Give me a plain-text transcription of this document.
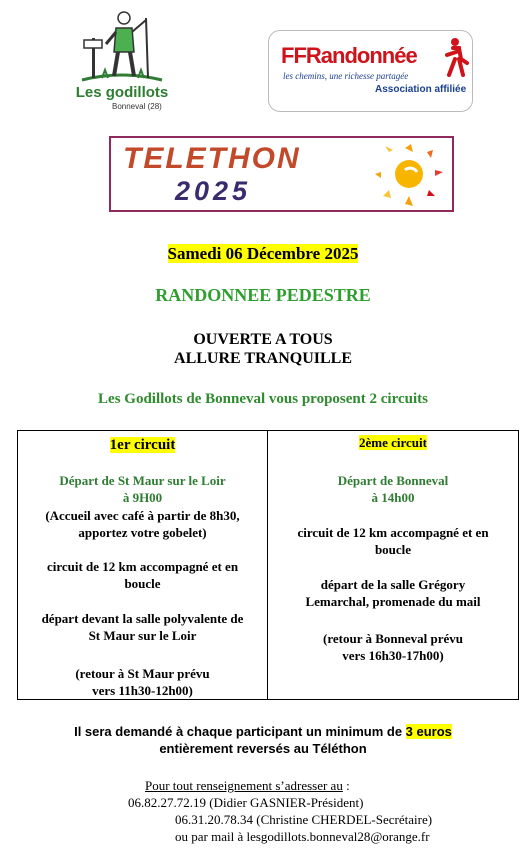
Les godillots
Bonneval (28)
FFRandonnée
les chemins, une richesse partagée
Association affiliée
TELETHON
2025
Samedi 06 Décembre 2025
RANDONNEE PEDESTRE
OUVERTE A TOUS
ALLURE TRANQUILLE
Les Godillots de Bonneval vous proposent 2 circuits
1er circuit
Départ de St Maur sur le Loir
à 9H00
(Accueil avec café à partir de 8h30,
apportez votre gobelet)
circuit de 12 km accompagné et en
boucle
départ devant la salle polyvalente de
St Maur sur le Loir
(retour à St Maur prévu
vers 11h30-12h00)
2ème circuit
Départ de Bonneval
à 14h00
circuit de 12 km accompagné et en
boucle
départ de la salle Grégory
Lemarchal, promenade du mail
(retour à Bonneval prévu
vers 16h30-17h00)
Il sera demandé à chaque participant un minimum de 3 euros
entièrement reversés au Téléthon
Pour tout renseignement s’adresser au :
06.82.27.72.19 (Didier GASNIER-Président)
06.31.20.78.34 (Christine CHERDEL-Secrétaire)
ou par mail à lesgodillots.bonneval28@orange.fr
